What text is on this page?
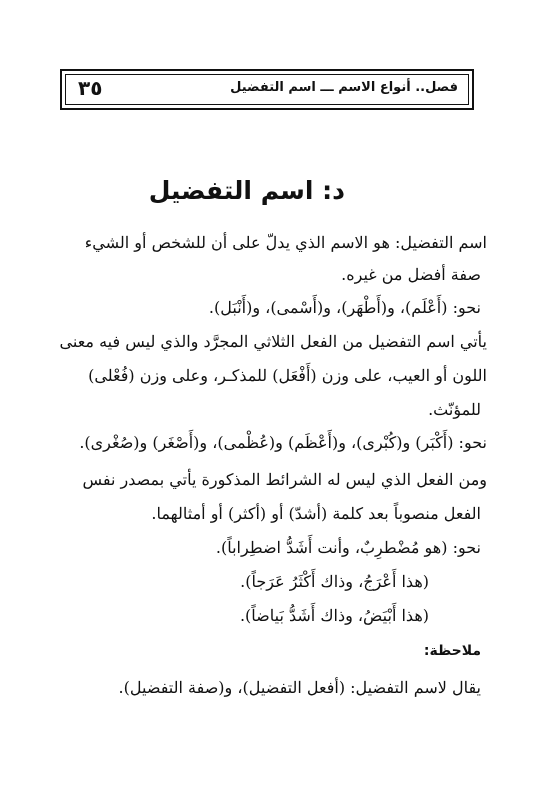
فصل.. أنواع الاسم ـــ اسم التفضيل
٣٥
د: اسم التفضيل
اسم التفضيل: هو الاسم الذي يدلّ على أن للشخص أو الشيء
صفة أفضل من غيره.
نحو: (أَعْلَم)، و(أَطْهَر)، و(أَسْمى)، و(أَنْبَل).
يأتي اسم التفضيل من الفعل الثلاثي المجرَّد والذي ليس فيه معنى
اللون أو العيب، على وزن (أَفْعَل) للمذكـر، وعلى وزن (فُعْلى)
للمؤنّث.
نحو: (أَكْبَر) و(كُبْرى)، و(أَعْظَم) و(عُظْمى)، و(أَصْغَر) و(صُغْرى).
ومن الفعل الذي ليس له الشرائط المذكورة يأتي بمصدر نفس
الفعل منصوباً بعد كلمة (أشدّ) أو (أكثر) أو أمثالهما.
نحو: (هو مُضْطرِبٌ، وأنت أَشَدُّ اضطِراباً).
(هذا أَعْرَجُ، وذاك أَكْثَرُ عَرَجاً).
(هذا أَبْيَضُ، وذاك أَشَدُّ بَياضاً).
ملاحظة:
يقال لاسم التفضيل: (أفعل التفضيل)، و(صفة التفضيل).
